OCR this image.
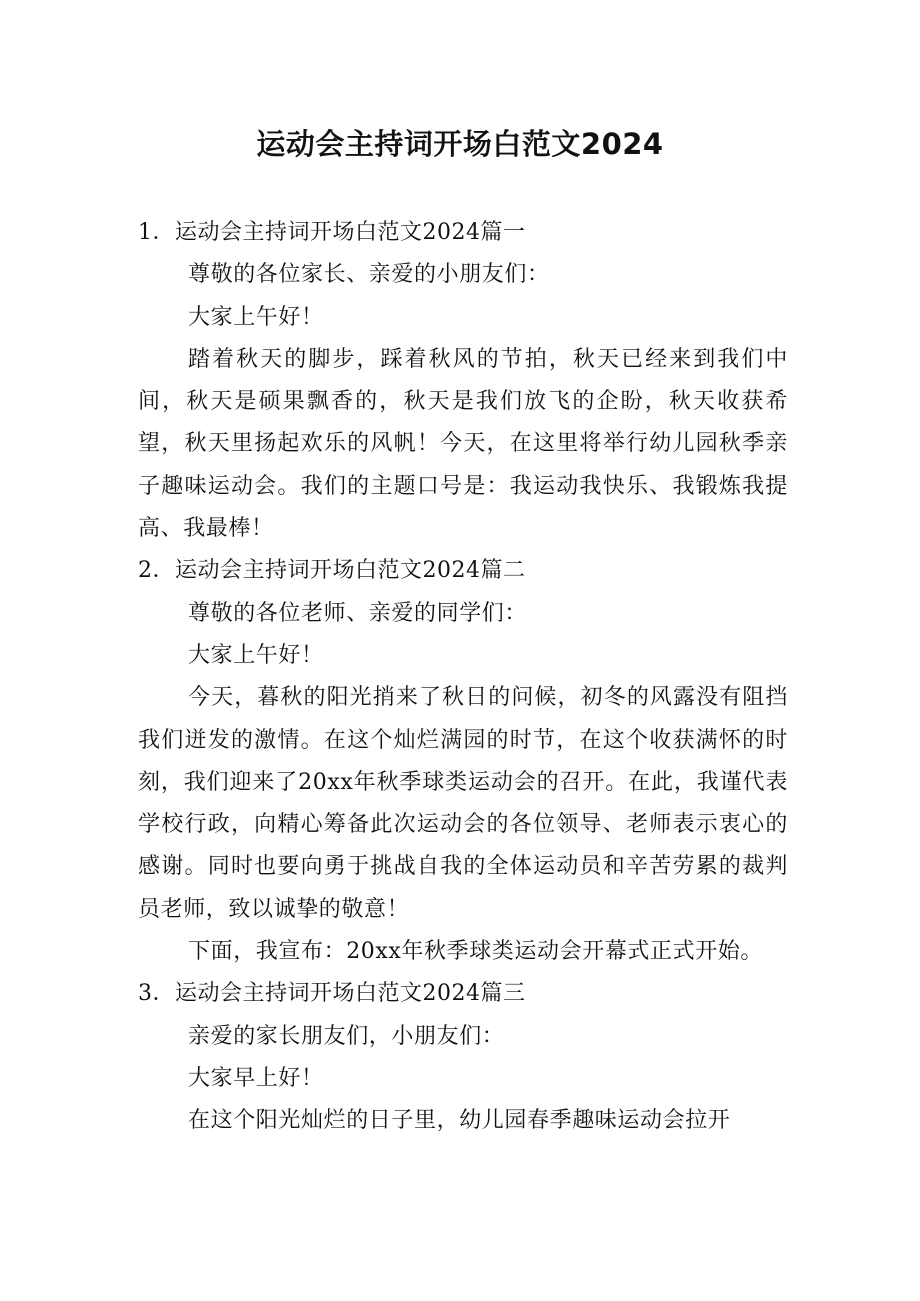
运动会主持词开场白范文2024

1．运动会主持词开场白范文2024篇一

尊敬的各位家长、亲爱的小朋友们：

大家上午好！

踏着秋天的脚步，踩着秋风的节拍，秋天已经来到我们中间，秋天是硕果飘香的，秋天是我们放飞的企盼，秋天收获希望，秋天里扬起欢乐的风帆！今天，在这里将举行幼儿园秋季亲子趣味运动会。我们的主题口号是：我运动我快乐、我锻炼我提高、我最棒！

2．运动会主持词开场白范文2024篇二

尊敬的各位老师、亲爱的同学们：

大家上午好！

今天，暮秋的阳光捎来了秋日的问候，初冬的风露没有阻挡我们迸发的激情。在这个灿烂满园的时节，在这个收获满怀的时刻，我们迎来了20xx年秋季球类运动会的召开。在此，我谨代表学校行政，向精心筹备此次运动会的各位领导、老师表示衷心的感谢。同时也要向勇于挑战自我的全体运动员和辛苦劳累的裁判员老师，致以诚挚的敬意！

下面，我宣布：20xx年秋季球类运动会开幕式正式开始。

3．运动会主持词开场白范文2024篇三

亲爱的家长朋友们，小朋友们：

大家早上好！

在这个阳光灿烂的日子里，幼儿园春季趣味运动会拉开
